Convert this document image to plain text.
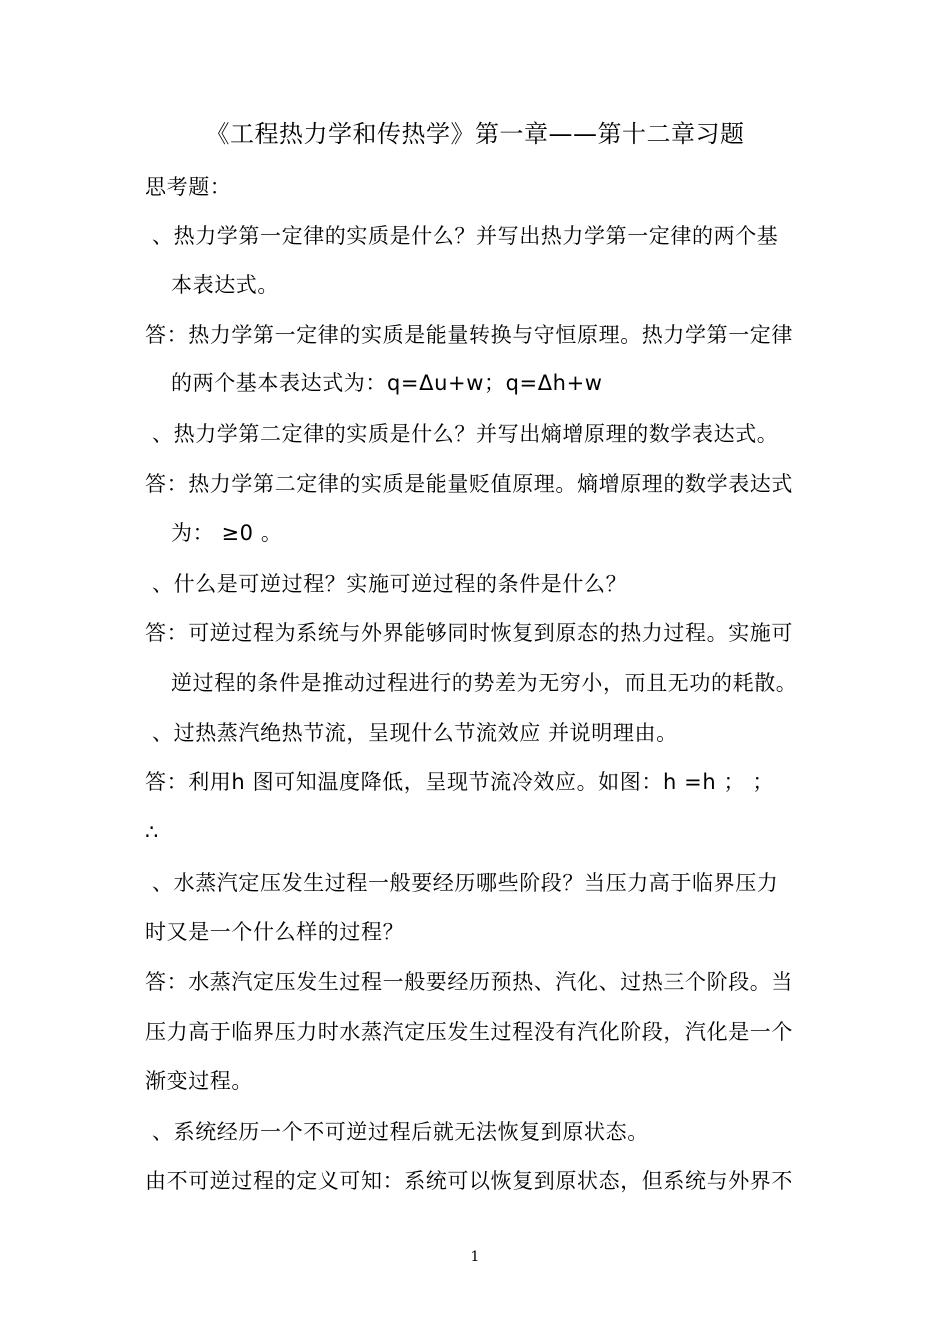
《工程热力学和传热学》第一章——第十二章习题
思考题：
、热力学第一定律的实质是什么？并写出热力学第一定律的两个基
本表达式。
答：热力学第一定律的实质是能量转换与守恒原理。热力学第一定律
的两个基本表达式为：q=Δu+w；q=Δh+w
、热力学第二定律的实质是什么？并写出熵增原理的数学表达式。
答：热力学第二定律的实质是能量贬值原理。熵增原理的数学表达式
为： ≥0 。
、什么是可逆过程？实施可逆过程的条件是什么？
答：可逆过程为系统与外界能够同时恢复到原态的热力过程。实施可
逆过程的条件是推动过程进行的势差为无穷小，而且无功的耗散。
、过热蒸汽绝热节流，呈现什么节流效应 并说明理由。
答：利用h 图可知温度降低，呈现节流冷效应。如图：h =h ； ；
∴
、水蒸汽定压发生过程一般要经历哪些阶段？当压力高于临界压力
时又是一个什么样的过程？
答：水蒸汽定压发生过程一般要经历预热、汽化、过热三个阶段。当
压力高于临界压力时水蒸汽定压发生过程没有汽化阶段，汽化是一个
渐变过程。
、系统经历一个不可逆过程后就无法恢复到原状态。
由不可逆过程的定义可知：系统可以恢复到原状态，但系统与外界不
1
